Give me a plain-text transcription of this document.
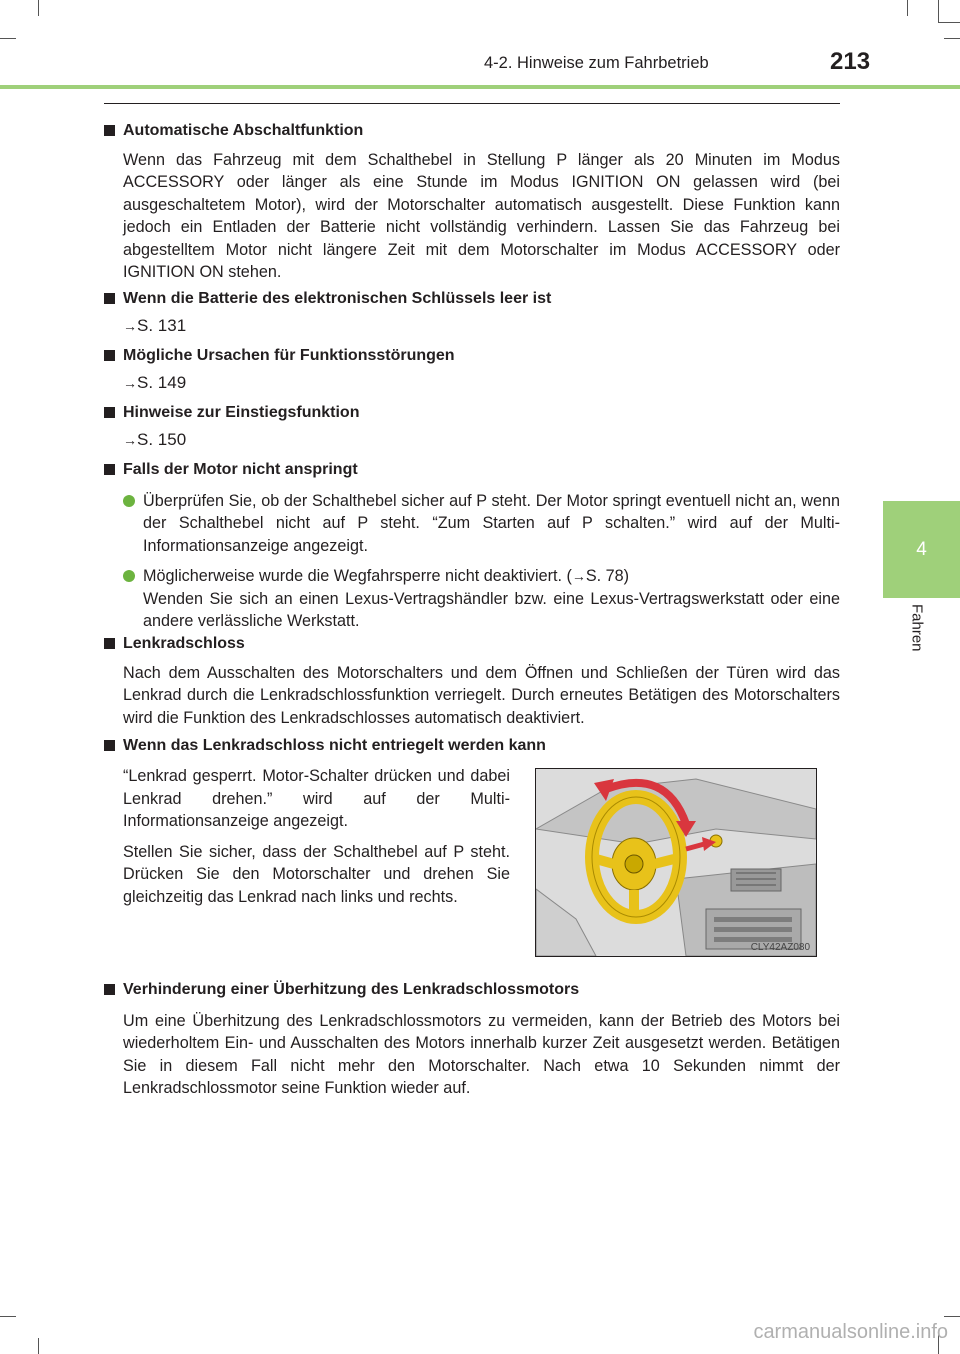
4-2. Hinweise zum Fahrbetrieb	213
4
Fahren
Automatische Abschaltfunktion
Wenn das Fahrzeug mit dem Schalthebel in Stellung P länger als 20 Minuten im Modus ACCESSORY oder länger als eine Stunde im Modus IGNITION ON gelassen wird (bei ausgeschaltetem Motor), wird der Motorschalter automatisch ausgestellt. Diese Funktion kann jedoch ein Entladen der Batterie nicht vollständig verhindern. Lassen Sie das Fahrzeug bei abgestelltem Motor nicht längere Zeit mit dem Motorschalter im Modus ACCESSORY oder IGNITION ON stehen.
Wenn die Batterie des elektronischen Schlüssels leer ist
→S. 131
Mögliche Ursachen für Funktionsstörungen
→S. 149
Hinweise zur Einstiegsfunktion
→S. 150
Falls der Motor nicht anspringt
Überprüfen Sie, ob der Schalthebel sicher auf P steht. Der Motor springt eventuell nicht an, wenn der Schalthebel nicht auf P steht. “Zum Starten auf P schalten.” wird auf der Multi-Informationsanzeige angezeigt.
Möglicherweise wurde die Wegfahrsperre nicht deaktiviert. (→S. 78)
Wenden Sie sich an einen Lexus-Vertragshändler bzw. eine Lexus-Vertragswerkstatt oder eine andere verlässliche Werkstatt.
Lenkradschloss
Nach dem Ausschalten des Motorschalters und dem Öffnen und Schließen der Türen wird das Lenkrad durch die Lenkradschlossfunktion verriegelt. Durch erneutes Betätigen des Motorschalters wird die Funktion des Lenkradschlosses automatisch deaktiviert.
Wenn das Lenkradschloss nicht entriegelt werden kann
“Lenkrad gesperrt. Motor-Schalter drücken und dabei Lenkrad drehen.” wird auf der Multi-Informationsanzeige angezeigt.
Stellen Sie sicher, dass der Schalthebel auf P steht. Drücken Sie den Motorschalter und drehen Sie gleichzeitig das Lenkrad nach links und rechts.
CLY42AZ080
Verhinderung einer Überhitzung des Lenkradschlossmotors
Um eine Überhitzung des Lenkradschlossmotors zu vermeiden, kann der Betrieb des Motors bei wiederholtem Ein- und Ausschalten des Motors innerhalb kurzer Zeit ausgesetzt werden. Betätigen Sie in diesem Fall nicht mehr den Motorschalter. Nach etwa 10 Sekunden nimmt der Lenkradschlossmotor seine Funktion wieder auf.
carmanualsonline.info
